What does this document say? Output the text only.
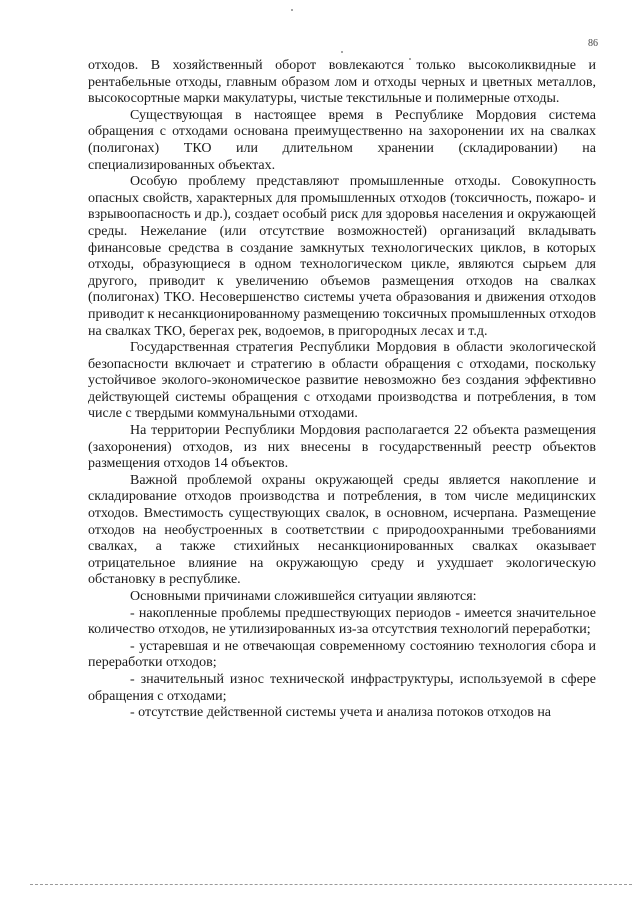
86

отходов. В хозяйственный оборот вовлекаются только высоколиквидные и рентабельные отходы, главным образом лом и отходы черных и цветных металлов, высокосортные марки макулатуры, чистые текстильные и полимерные отходы.

Существующая в настоящее время в Республике Мордовия система обращения с отходами основана преимущественно на захоронении их на свалках (полигонах) ТКО или длительном хранении (складировании) на специализированных объектах.

Особую проблему представляют промышленные отходы. Совокупность опасных свойств, характерных для промышленных отходов (токсичность, пожаро- и взрывоопасность и др.), создает особый риск для здоровья населения и окружающей среды. Нежелание (или отсутствие возможностей) организаций вкладывать финансовые средства в создание замкнутых технологических циклов, в которых отходы, образующиеся в одном технологическом цикле, являются сырьем для другого, приводит к увеличению объемов размещения отходов на свалках (полигонах) ТКО. Несовершенство системы учета образования и движения отходов приводит к несанкционированному размещению токсичных промышленных отходов на свалках ТКО, берегах рек, водоемов, в пригородных лесах и т.д.

Государственная стратегия Республики Мордовия в области экологической безопасности включает и стратегию в области обращения с отходами, поскольку устойчивое эколого-экономическое развитие невозможно без создания эффективно действующей системы обращения с отходами производства и потребления, в том числе с твердыми коммунальными отходами.

На территории Республики Мордовия располагается 22 объекта размещения (захоронения) отходов, из них внесены в государственный реестр объектов размещения отходов 14 объектов.

Важной проблемой охраны окружающей среды является накопление и складирование отходов производства и потребления, в том числе медицинских отходов. Вместимость существующих свалок, в основном, исчерпана. Размещение отходов на необустроенных в соответствии с природоохранными требованиями свалках, а также стихийных несанкционированных свалках оказывает отрицательное влияние на окружающую среду и ухудшает экологическую обстановку в республике.

Основными причинами сложившейся ситуации являются:

- накопленные проблемы предшествующих периодов - имеется значительное количество отходов, не утилизированных из-за отсутствия технологий переработки;

- устаревшая и не отвечающая современному состоянию технология сбора и переработки отходов;

- значительный износ технической инфраструктуры, используемой в сфере обращения с отходами;

- отсутствие действенной системы учета и анализа потоков отходов на
